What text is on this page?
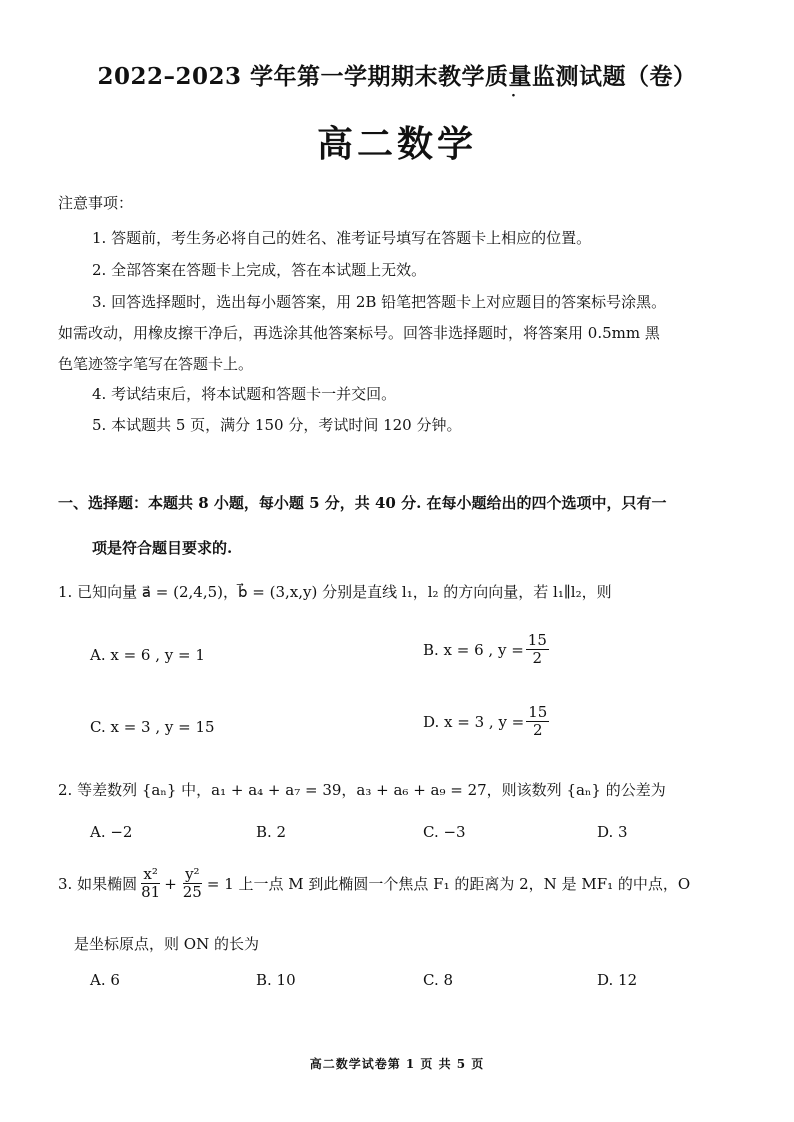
2022–2023 学年第一学期期末教学质量监测试题（卷）
·
高二数学
注意事项：
1. 答题前，考生务必将自己的姓名、准考证号填写在答题卡上相应的位置。
2. 全部答案在答题卡上完成，答在本试题上无效。
3. 回答选择题时，选出每小题答案，用 2B 铅笔把答题卡上对应题目的答案标号涂黑。
如需改动，用橡皮擦干净后，再选涂其他答案标号。回答非选择题时，将答案用 0.5mm 黑
色笔迹签字笔写在答题卡上。
4. 考试结束后，将本试题和答题卡一并交回。
5. 本试题共 5 页，满分 150 分，考试时间 120 分钟。
一、选择题：本题共 8 小题，每小题 5 分，共 40 分. 在每小题给出的四个选项中，只有一
项是符合题目要求的.
1. 已知向量 a⃗ = (2,4,5)，b⃗ = (3,x,y) 分别是直线 l₁，l₂ 的方向向量，若 l₁∥l₂，则
A. x = 6 , y = 1	B. x = 6 , $y = \frac{15}{2}$
C. x = 3 , y = 15	D. x = 3 , $y = \frac{15}{2}$
2. 等差数列 {aₙ} 中，a₁ + a₄ + a₇ = 39，a₃ + a₆ + a₉ = 27，则该数列 {aₙ} 的公差为
A. −2	B. 2	C. −3	D. 3
3. 如果椭圆 $\frac{\text{x²}}{81} + \frac{\text{y²}}{25} = 1$ 上一点 M 到此椭圆一个焦点 F₁ 的距离为 2，N 是 MF₁ 的中点，O
是坐标原点，则 ON 的长为
A. 6	B. 10	C. 8	D. 12
高二数学试卷第 1 页 共 5 页
